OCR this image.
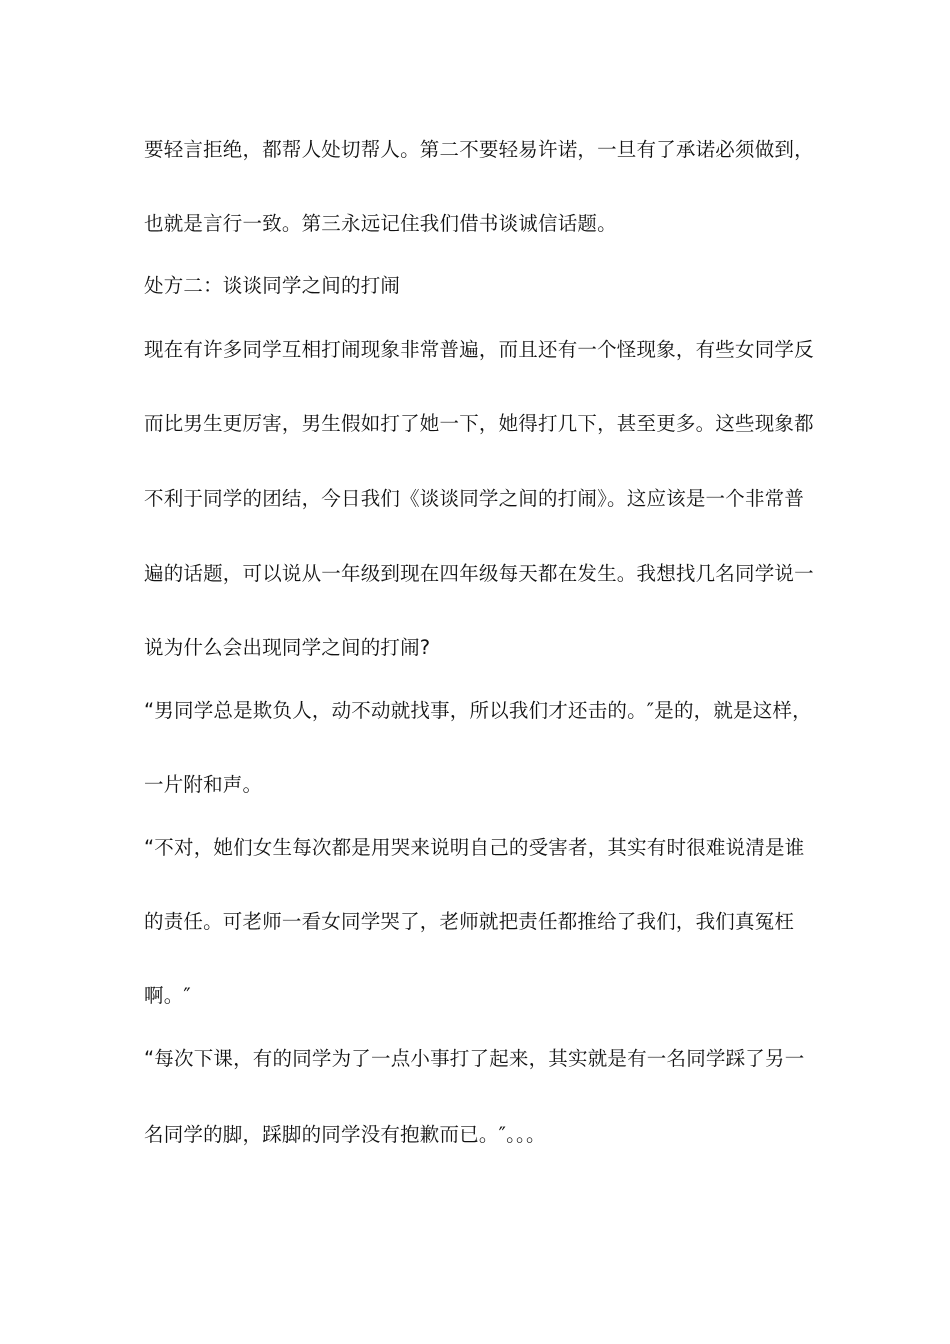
要轻言拒绝，都帮人处切帮人。第二不要轻易许诺，一旦有了承诺必须做到，
也就是言行一致。第三永远记住我们借书谈诚信话题。
处方二：谈谈同学之间的打闹
现在有许多同学互相打闹现象非常普遍，而且还有一个怪现象，有些女同学反
而比男生更厉害，男生假如打了她一下，她得打几下，甚至更多。这些现象都
不利于同学的团结，今日我们《谈谈同学之间的打闹》。这应该是一个非常普
遍的话题，可以说从一年级到现在四年级每天都在发生。我想找几名同学说一
说为什么会出现同学之间的打闹?
“男同学总是欺负人，动不动就找事，所以我们才还击的。″是的，就是这样，
一片附和声。
“不对，她们女生每次都是用哭来说明自己的受害者，其实有时很难说清是谁
的责任。可老师一看女同学哭了，老师就把责任都推给了我们，我们真冤枉
啊。″
“每次下课，有的同学为了一点小事打了起来，其实就是有一名同学踩了另一
名同学的脚，踩脚的同学没有抱歉而已。″。。。
